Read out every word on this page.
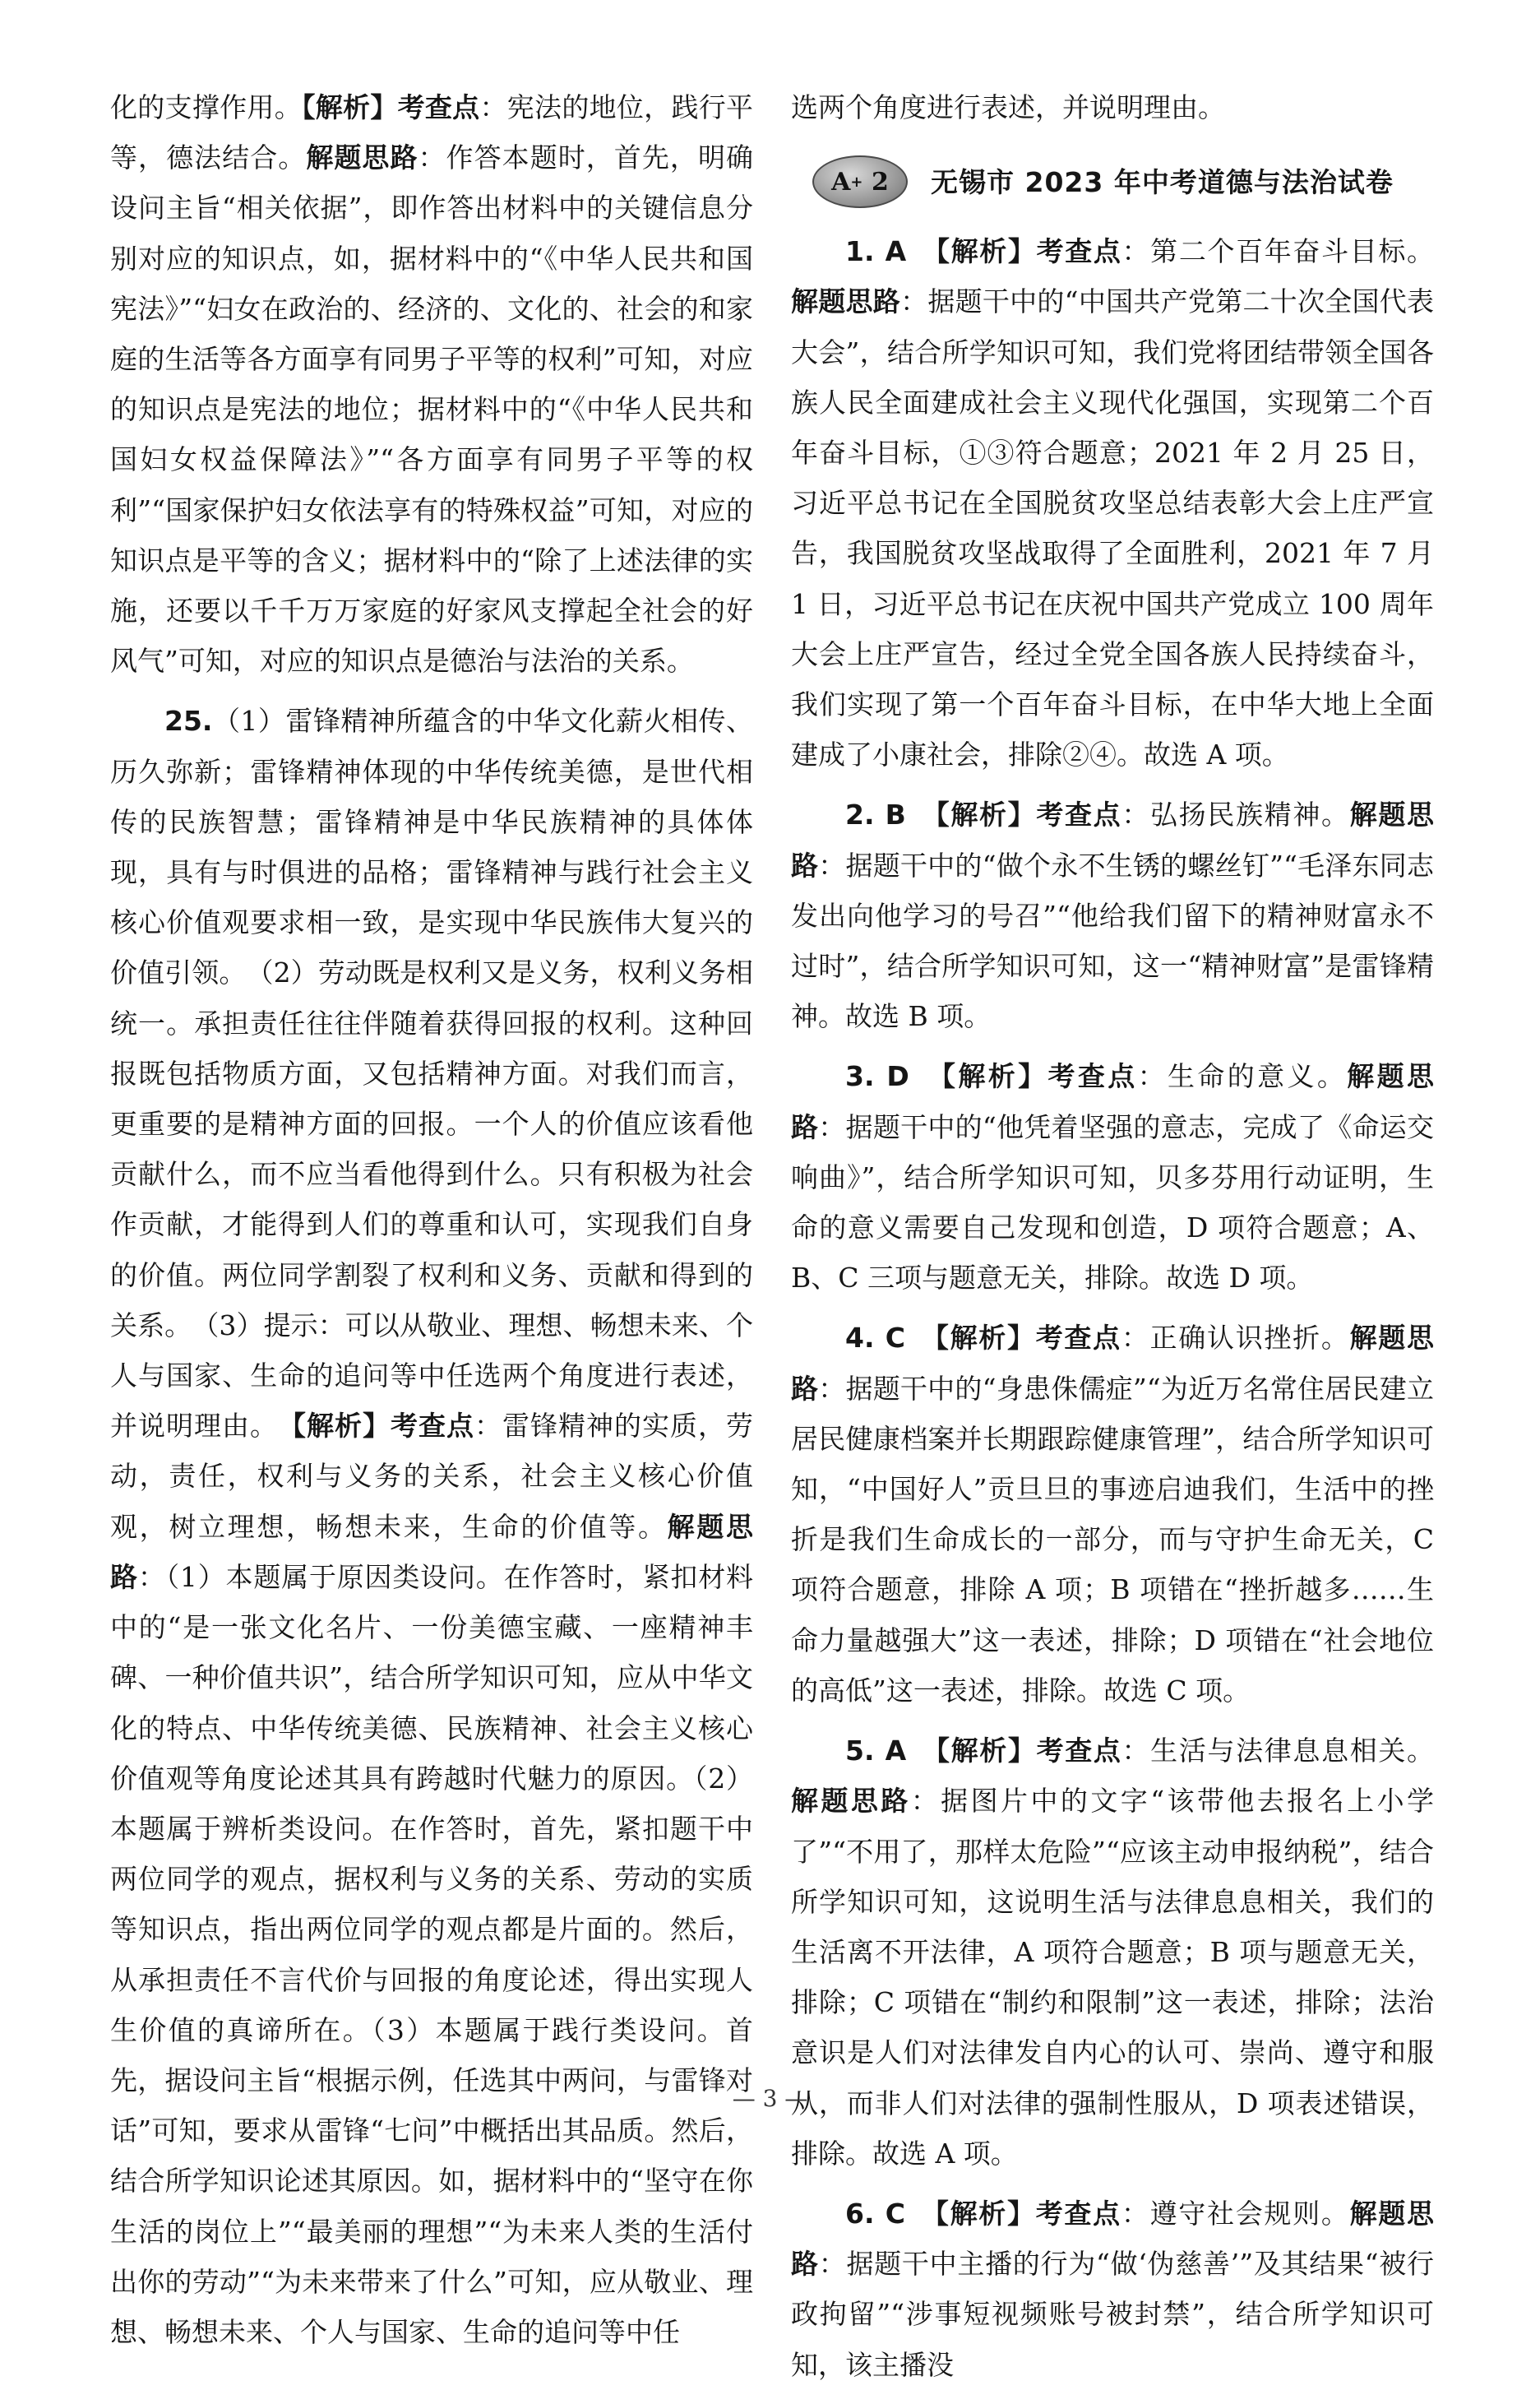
化的支撑作用。【解析】考查点：宪法的地位，践行平等，德法结合。解题思路：作答本题时，首先，明确设问主旨“相关依据”，即作答出材料中的关键信息分别对应的知识点，如，据材料中的“《中华人民共和国宪法》”“妇女在政治的、经济的、文化的、社会的和家庭的生活等各方面享有同男子平等的权利”可知，对应的知识点是宪法的地位；据材料中的“《中华人民共和国妇女权益保障法》”“各方面享有同男子平等的权利”“国家保护妇女依法享有的特殊权益”可知，对应的知识点是平等的含义；据材料中的“除了上述法律的实施，还要以千千万万家庭的好家风支撑起全社会的好风气”可知，对应的知识点是德治与法治的关系。

25.（1）雷锋精神所蕴含的中华文化薪火相传、历久弥新；雷锋精神体现的中华传统美德，是世代相传的民族智慧；雷锋精神是中华民族精神的具体体现，具有与时俱进的品格；雷锋精神与践行社会主义核心价值观要求相一致，是实现中华民族伟大复兴的价值引领。　（2）劳动既是权利又是义务，权利义务相统一。承担责任往往伴随着获得回报的权利。这种回报既包括物质方面，又包括精神方面。对我们而言，更重要的是精神方面的回报。一个人的价值应该看他贡献什么，而不应当看他得到什么。只有积极为社会作贡献，才能得到人们的尊重和认可，实现我们自身的价值。两位同学割裂了权利和义务、贡献和得到的关系。　（3）提示：可以从敬业、理想、畅想未来、个人与国家、生命的追问等中任选两个角度进行表述，并说明理由。　【解析】考查点：雷锋精神的实质，劳动，责任，权利与义务的关系，社会主义核心价值观，树立理想，畅想未来，生命的价值等。解题思路：（1）本题属于原因类设问。在作答时，紧扣材料中的“是一张文化名片、一份美德宝藏、一座精神丰碑、一种价值共识”，结合所学知识可知，应从中华文化的特点、中华传统美德、民族精神、社会主义核心价值观等角度论述其具有跨越时代魅力的原因。（2）本题属于辨析类设问。在作答时，首先，紧扣题干中两位同学的观点，据权利与义务的关系、劳动的实质等知识点，指出两位同学的观点都是片面的。然后，从承担责任不言代价与回报的角度论述，得出实现人生价值的真谛所在。（3）本题属于践行类设问。首先，据设问主旨“根据示例，任选其中两问，与雷锋对话”可知，要求从雷锋“七问”中概括出其品质。然后，结合所学知识论述其原因。如，据材料中的“坚守在你生活的岗位上”“最美丽的理想”“为未来人类的生活付出你的劳动”“为未来带来了什么”可知，应从敬业、理想、畅想未来、个人与国家、生命的追问等中任

选两个角度进行表述，并说明理由。

A +
2 无锡市 2023 年中考道德与法治试卷

1. A　 【解析】考查点：第二个百年奋斗目标。解题思路：据题干中的“中国共产党第二十次全国代表大会”，结合所学知识可知，我们党将团结带领全国各族人民全面建成社会主义现代化强国，实现第二个百年奋斗目标，①③符合题意；2021 年 2 月 25 日，习近平总书记在全国脱贫攻坚总结表彰大会上庄严宣告，我国脱贫攻坚战取得了全面胜利，2021 年 7 月 1 日，习近平总书记在庆祝中国共产党成立 100 周年大会上庄严宣告，经过全党全国各族人民持续奋斗，我们实现了第一个百年奋斗目标，在中华大地上全面建成了小康社会，排除②④。故选 A 项。

2. B　 【解析】考查点：弘扬民族精神。解题思路：据题干中的“做个永不生锈的螺丝钉”“毛泽东同志发出向他学习的号召”“他给我们留下的精神财富永不过时”，结合所学知识可知，这一“精神财富”是雷锋精神。故选 B 项。

3. D　 【解析】考查点：生命的意义。解题思路：据题干中的“他凭着坚强的意志，完成了《命运交响曲》”，结合所学知识可知，贝多芬用行动证明，生命的意义需要自己发现和创造，D 项符合题意；A、B、C 三项与题意无关，排除。故选 D 项。

4. C　 【解析】考查点：正确认识挫折。解题思路：据题干中的“身患侏儒症”“为近万名常住居民建立居民健康档案并长期跟踪健康管理”，结合所学知识可知，“中国好人”贡旦旦的事迹启迪我们，生活中的挫折是我们生命成长的一部分，而与守护生命无关，C 项符合题意，排除 A 项；B 项错在“挫折越多……生命力量越强大”这一表述，排除；D 项错在“社会地位的高低”这一表述，排除。故选 C 项。

5. A　 【解析】考查点：生活与法律息息相关。解题思路：据图片中的文字“该带他去报名上小学了”“不用了，那样太危险”“应该主动申报纳税”，结合所学知识可知，这说明生活与法律息息相关，我们的生活离不开法律，A 项符合题意；B 项与题意无关，排除；C 项错在“制约和限制”这一表述，排除；法治意识是人们对法律发自内心的认可、崇尚、遵守和服从，而非人们对法律的强制性服从，D 项表述错误，排除。故选 A 项。

6. C　 【解析】考查点：遵守社会规则。解题思路：据题干中主播的行为“做‘伪慈善’”及其结果“被行政拘留”“涉事短视频账号被封禁”，结合所学知识可知，该主播没

— 3 —
